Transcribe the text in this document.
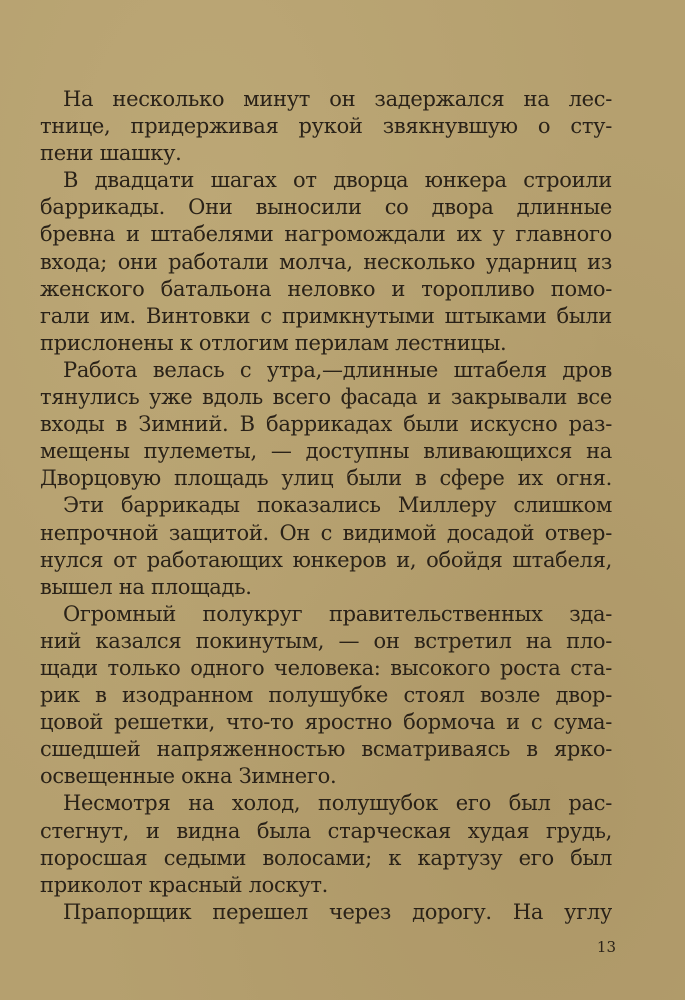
На несколько минут он задержался на лес-
тнице, придерживая рукой звякнувшую о сту-
пени шашку.
В двадцати шагах от дворца юнкера строили
баррикады. Они выносили со двора длинные
бревна и штабелями нагромождали их у главного
входа; они работали молча, несколько ударниц из
женского батальона неловко и торопливо помо-
гали им. Винтовки с примкнутыми штыками были
прислонены к отлогим перилам лестницы.
Работа велась с утра,—длинные штабеля дров
тянулись уже вдоль всего фасада и закрывали все
входы в Зимний. В баррикадах были искусно раз-
мещены пулеметы, — доступны вливающихся на
Дворцовую площадь улиц были в сфере их огня.
Эти баррикады показались Миллеру слишком
непрочной защитой. Он с видимой досадой отвер-
нулся от работающих юнкеров и, обойдя штабеля,
вышел на площадь.
Огромный полукруг правительственных зда-
ний казался покинутым, — он встретил на пло-
щади только одного человека: высокого роста ста-
рик в изодранном полушубке стоял возле двор-
цовой решетки, что-то яростно бормоча и с сума-
сшедшей напряженностью всматриваясь в ярко-
освещенные окна Зимнего.
Несмотря на холод, полушубок его был рас-
стегнут, и видна была старческая худая грудь,
поросшая седыми волосами; к картузу его был
приколот красный лоскут.
Прапорщик перешел через дорогу. На углу
13
